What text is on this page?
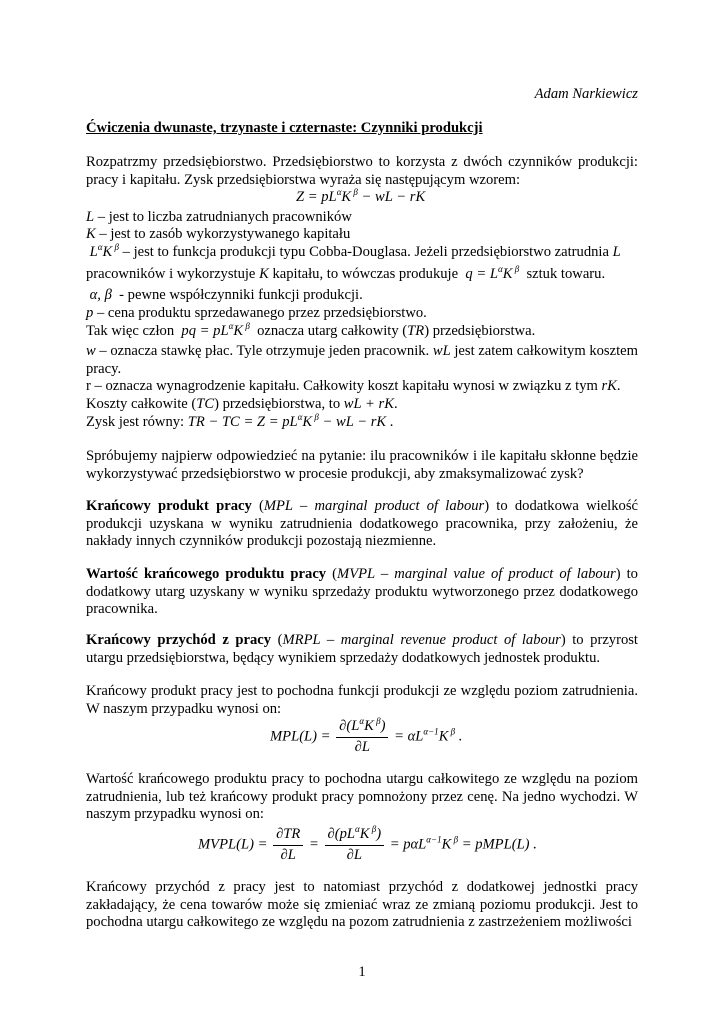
Adam Narkiewicz
Ćwiczenia dwunaste, trzynaste i czternaste: Czynniki produkcji
Rozpatrzmy przedsiębiorstwo. Przedsiębiorstwo to korzysta z dwóch czynników produkcji: pracy i kapitału. Zysk przedsiębiorstwa wyraża się następującym wzorem:
$Z = pL^\alpha K$ $^\beta$ − wL − rK
L – jest to liczba zatrudnianych pracowników
K – jest to zasób wykorzystywanego kapitału
$L^\alpha K$ $^\beta$ – jest to funkcja produkcji typu Cobba-Douglasa. Jeżeli przedsiębiorstwo zatrudnia L
pracowników i wykorzystuje K kapitału, to wówczas produkuje  $q = L^\alpha K$ $^\beta$ sztuk towaru.
α, β - pewne współczynniki funkcji produkcji.
p – cena produktu sprzedawanego przez przedsiębiorstwo.
Tak więc człon  pq = $pL^\alpha K$ $^\beta$ oznacza utarg całkowity (TR) przedsiębiorstwa.
w – oznacza stawkę płac. Tyle otrzymuje jeden pracownik. wL jest zatem całkowitym kosztem pracy.
r – oznacza wynagrodzenie kapitału. Całkowity koszt kapitału wynosi w związku z tym rK.
Koszty całkowite (TC) przedsiębiorstwa, to wL + rK.
Zysk jest równy: TR − TC = $Z = pL^\alpha K$ $^\beta$ − wL − rK .
Spróbujemy najpierw odpowiedzieć na pytanie: ilu pracowników i ile kapitału skłonne będzie wykorzystywać przedsiębiorstwo w procesie produkcji, aby zmaksymalizować zysk?
Krańcowy produkt pracy (MPL – marginal product of labour) to dodatkowa wielkość produkcji uzyskana w wyniku zatrudnienia dodatkowego pracownika, przy założeniu, że nakłady innych czynników produkcji pozostają niezmienne.
Wartość krańcowego produktu pracy (MVPL – marginal value of product of labour) to dodatkowy utarg uzyskany w wyniku sprzedaży produktu wytworzonego przez dodatkowego pracownika.
Krańcowy przychód z pracy (MRPL – marginal revenue product of labour) to przyrost utargu przedsiębiorstwa, będący wynikiem sprzedaży dodatkowych jednostek produktu.
Krańcowy produkt pracy jest to pochodna funkcji produkcji ze względu poziom zatrudnienia. W naszym przypadku wynosi on:
$MPL(L) = \frac{\partial(L^\alpha K ^\beta)}{\partial L} = \alpha L^{\alpha-1}K$ $^\beta$ .
Wartość krańcowego produktu pracy to pochodna utargu całkowitego ze względu na poziom zatrudnienia, lub też krańcowy produkt pracy pomnożony przez cenę. Na jedno wychodzi. W naszym przypadku wynosi on:
MVPL(L) = $\frac{\partial TR}{\partial L} = \frac{\partial(pL^\alpha K ^\beta)}{\partial L} = p\alpha L^{\alpha-1}K$ $^\beta$ = pMPL(L) .
Krańcowy przychód z pracy jest to natomiast przychód z dodatkowej jednostki pracy zakładający, że cena towarów może się zmieniać wraz ze zmianą poziomu produkcji. Jest to pochodna utargu całkowitego ze względu na pozom zatrudnienia z zastrzeżeniem możliwości
1
